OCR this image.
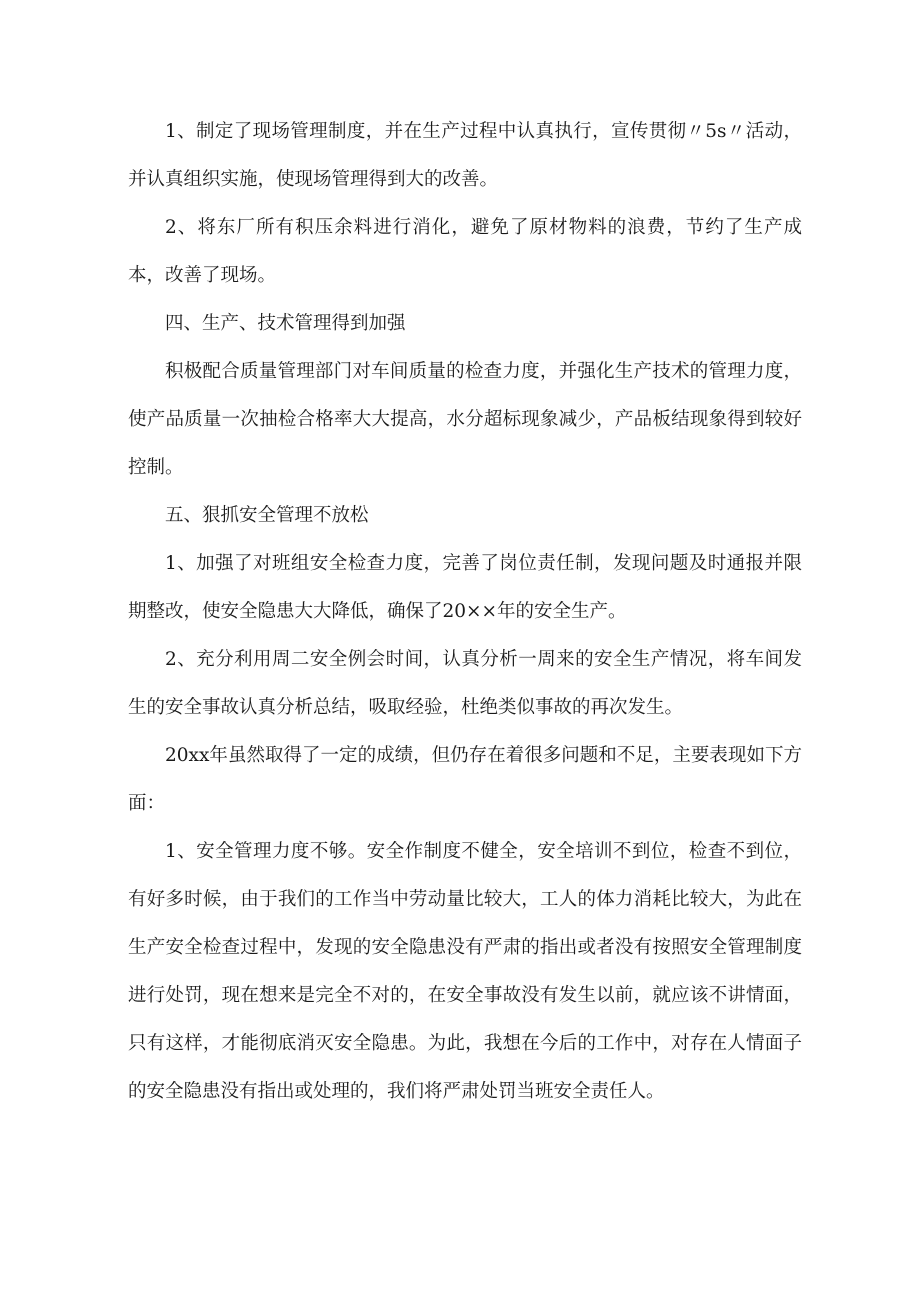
1、制定了现场管理制度，并在生产过程中认真执行，宣传贯彻〃5s〃活动，并认真组织实施，使现场管理得到大的改善。

2、将东厂所有积压余料进行消化，避免了原材物料的浪费，节约了生产成本，改善了现场。

四、生产、技术管理得到加强

积极配合质量管理部门对车间质量的检查力度，并强化生产技术的管理力度，使产品质量一次抽检合格率大大提高，水分超标现象减少，产品板结现象得到较好控制。

五、狠抓安全管理不放松

1、加强了对班组安全检查力度，完善了岗位责任制，发现问题及时通报并限期整改，使安全隐患大大降低，确保了20××年的安全生产。

2、充分利用周二安全例会时间，认真分析一周来的安全生产情况，将车间发生的安全事故认真分析总结，吸取经验，杜绝类似事故的再次发生。

20xx年虽然取得了一定的成绩，但仍存在着很多问题和不足，主要表现如下方面：

1、安全管理力度不够。安全作制度不健全，安全培训不到位，检查不到位，有好多时候，由于我们的工作当中劳动量比较大，工人的体力消耗比较大，为此在生产安全检查过程中，发现的安全隐患没有严肃的指出或者没有按照安全管理制度进行处罚，现在想来是完全不对的，在安全事故没有发生以前，就应该不讲情面，只有这样，才能彻底消灭安全隐患。为此，我想在今后的工作中，对存在人情面子的安全隐患没有指出或处理的，我们将严肃处罚当班安全责任人。
